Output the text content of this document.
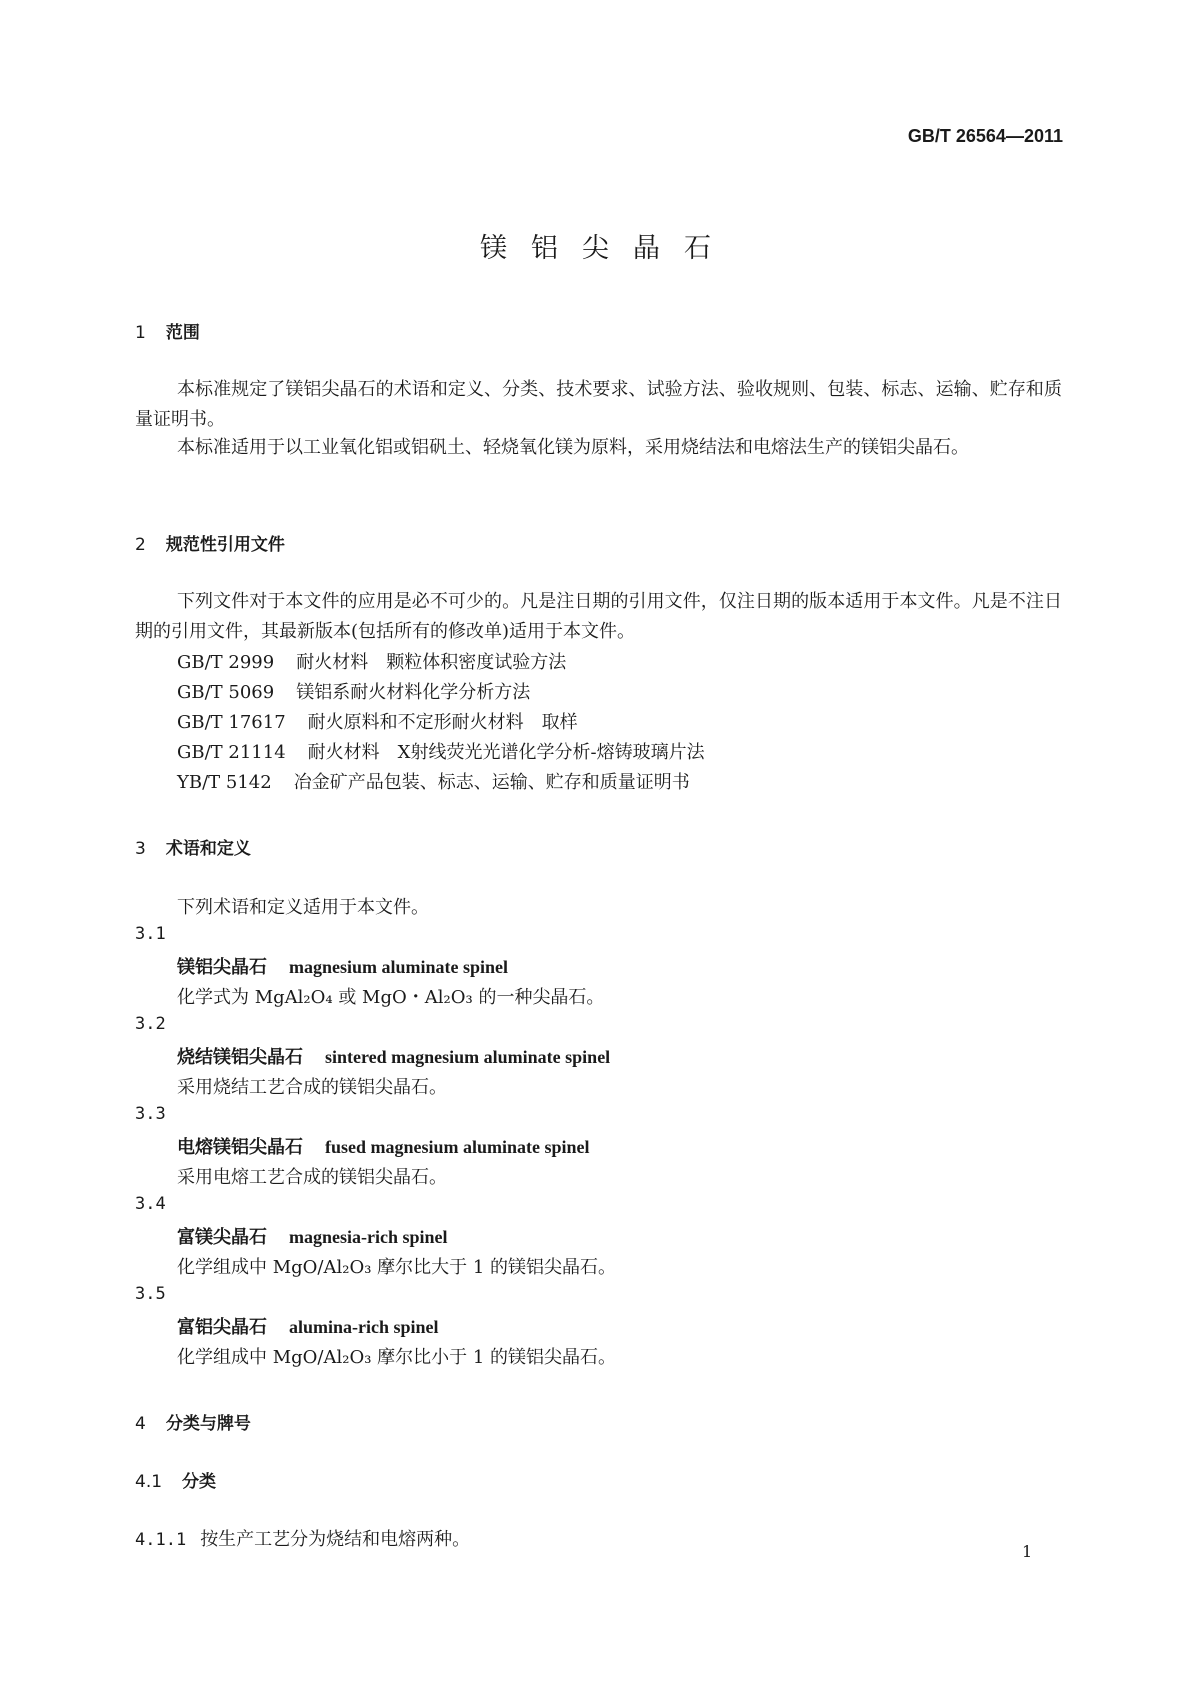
GB/T 26564—2011
镁铝尖晶石
1 范围
本标准规定了镁铝尖晶石的术语和定义、分类、技术要求、试验方法、验收规则、包装、标志、运输、贮存和质量证明书。
本标准适用于以工业氧化铝或铝矾土、轻烧氧化镁为原料，采用烧结法和电熔法生产的镁铝尖晶石。
2 规范性引用文件
下列文件对于本文件的应用是必不可少的。凡是注日期的引用文件，仅注日期的版本适用于本文件。凡是不注日期的引用文件，其最新版本(包括所有的修改单)适用于本文件。
GB/T 2999 耐火材料　颗粒体积密度试验方法
GB/T 5069 镁铝系耐火材料化学分析方法
GB/T 17617 耐火原料和不定形耐火材料　取样
GB/T 21114 耐火材料　X射线荧光光谱化学分析-熔铸玻璃片法
YB/T 5142 冶金矿产品包装、标志、运输、贮存和质量证明书
3 术语和定义
下列术语和定义适用于本文件。
3.1
镁铝尖晶石 magnesium aluminate spinel
化学式为 MgAl₂O₄ 或 MgO・Al₂O₃ 的一种尖晶石。
3.2
烧结镁铝尖晶石 sintered magnesium aluminate spinel
采用烧结工艺合成的镁铝尖晶石。
3.3
电熔镁铝尖晶石 fused magnesium aluminate spinel
采用电熔工艺合成的镁铝尖晶石。
3.4
富镁尖晶石 magnesia-rich spinel
化学组成中 MgO/Al₂O₃ 摩尔比大于 1 的镁铝尖晶石。
3.5
富铝尖晶石 alumina-rich spinel
化学组成中 MgO/Al₂O₃ 摩尔比小于 1 的镁铝尖晶石。
4 分类与牌号
4.1 分类
4.1.1 按生产工艺分为烧结和电熔两种。
1
